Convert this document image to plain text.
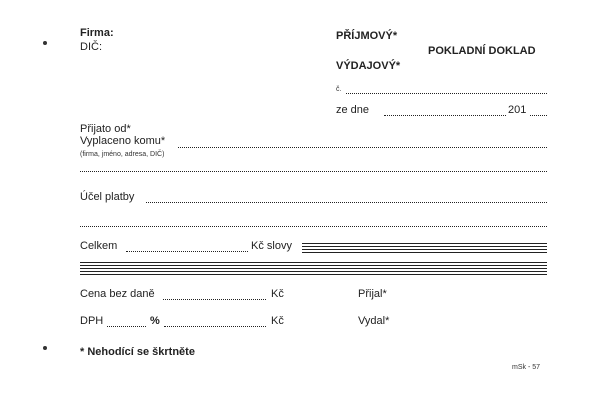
Firma:
DIČ:
PŘÍJMOVÝ*
POKLADNÍ DOKLAD
VÝDAJOVÝ*
č.
ze dne	201
Přijato od*
Vyplaceno komu*
(firma, jméno, adresa, DIČ)
Účel platby
Celkem	Kč slovy
Cena bez daně	Kč	Přijal*
DPH	%	Kč	Vydal*
* Nehodící se škrtněte
mSk - 57
